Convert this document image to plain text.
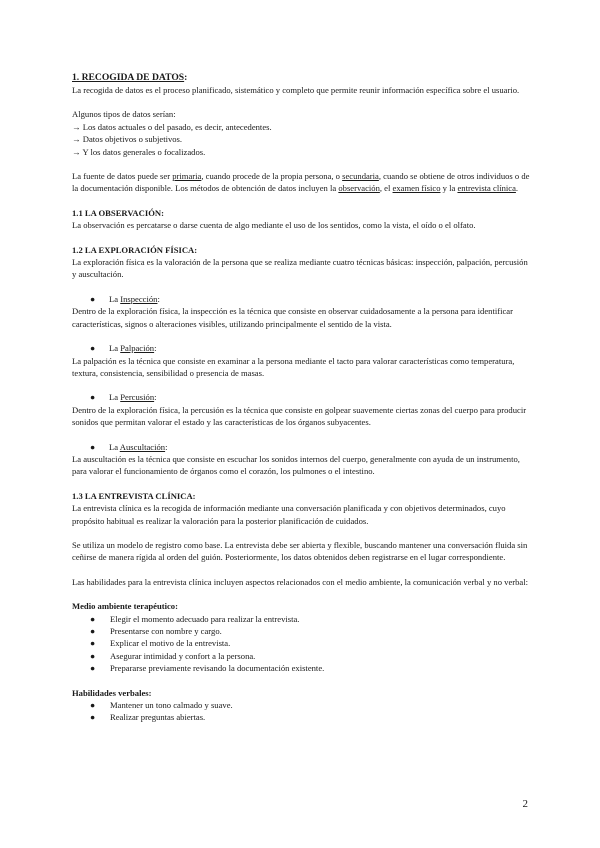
1. RECOGIDA DE DATOS:

La recogida de datos es el proceso planificado, sistemático y completo que permite reunir información específica sobre el usuario.

Algunos tipos de datos serían:

→ Los datos actuales o del pasado, es decir, antecedentes.

→ Datos objetivos o subjetivos.

→ Y los datos generales o focalizados.

La fuente de datos puede ser primaria, cuando procede de la propia persona, o secundaria, cuando se obtiene de otros individuos o de la documentación disponible. Los métodos de obtención de datos incluyen la observación, el examen físico y la entrevista clínica.

1.1 LA OBSERVACIÓN:

La observación es percatarse o darse cuenta de algo mediante el uso de los sentidos, como la vista, el oído o el olfato.

1.2 LA EXPLORACIÓN FÍSICA:

La exploración física es la valoración de la persona que se realiza mediante cuatro técnicas básicas: inspección, palpación, percusión y auscultación.

● La Inspección:

Dentro de la exploración física, la inspección es la técnica que consiste en observar cuidadosamente a la persona para identificar características, signos o alteraciones visibles, utilizando principalmente el sentido de la vista.

● La Palpación:

La palpación es la técnica que consiste en examinar a la persona mediante el tacto para valorar características como temperatura, textura, consistencia, sensibilidad o presencia de masas.

● La Percusión:

Dentro de la exploración física, la percusión es la técnica que consiste en golpear suavemente ciertas zonas del cuerpo para producir sonidos que permitan valorar el estado y las características de los órganos subyacentes.

● La Auscultación:

La auscultación es la técnica que consiste en escuchar los sonidos internos del cuerpo, generalmente con ayuda de un instrumento, para valorar el funcionamiento de órganos como el corazón, los pulmones o el intestino.

1.3 LA ENTREVISTA CLÍNICA:

La entrevista clínica es la recogida de información mediante una conversación planificada y con objetivos determinados, cuyo propósito habitual es realizar la valoración para la posterior planificación de cuidados.

Se utiliza un modelo de registro como base. La entrevista debe ser abierta y flexible, buscando mantener una conversación fluida sin ceñirse de manera rígida al orden del guión. Posteriormente, los datos obtenidos deben registrarse en el lugar correspondiente.

Las habilidades para la entrevista clínica incluyen aspectos relacionados con el medio ambiente, la comunicación verbal y no verbal:

Medio ambiente terapéutico:

● Elegir el momento adecuado para realizar la entrevista.
● Presentarse con nombre y cargo.
● Explicar el motivo de la entrevista.
● Asegurar intimidad y confort a la persona.
● Prepararse previamente revisando la documentación existente.

Habilidades verbales:

● Mantener un tono calmado y suave.
● Realizar preguntas abiertas.
2
